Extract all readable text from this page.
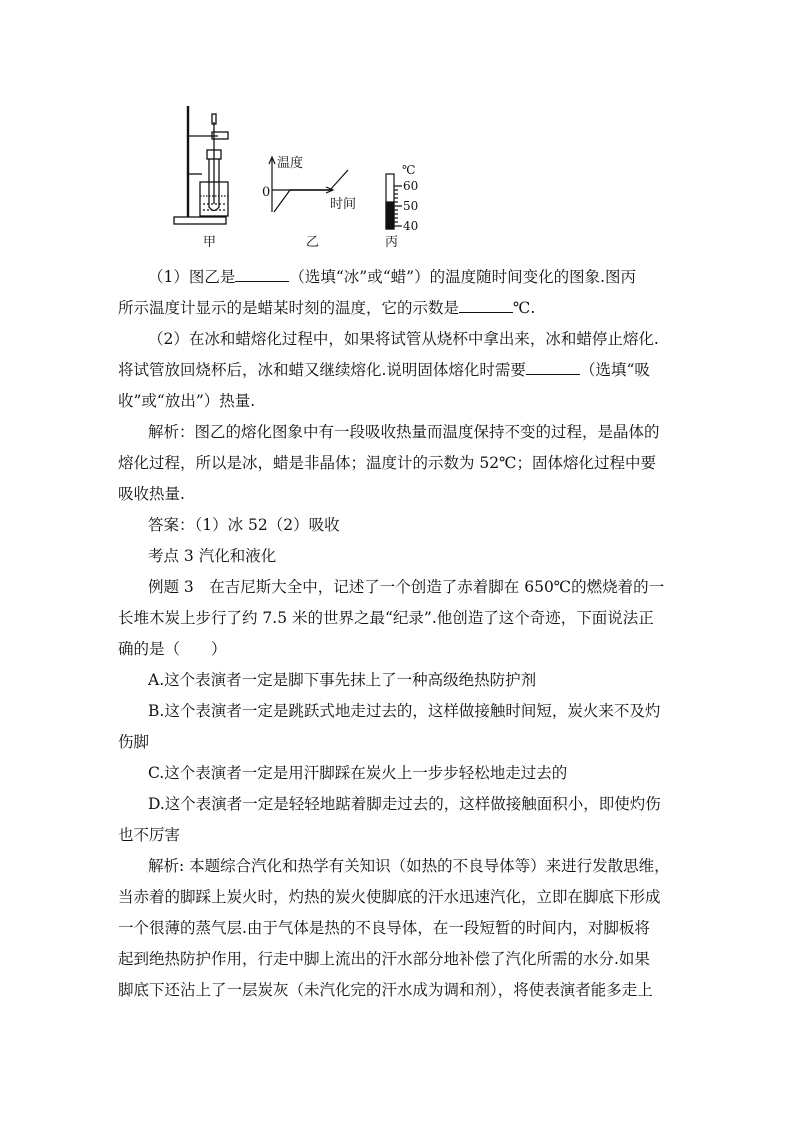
温度
0
时间
℃
60
50
40
甲	乙	丙
（1）图乙是	（选填“冰”或“蜡”）的温度随时间变化的图象.图丙
所示温度计显示的是蜡某时刻的温度，它的示数是	℃.
（2）在冰和蜡熔化过程中，如果将试管从烧杯中拿出来，冰和蜡停止熔化.
将试管放回烧杯后，冰和蜡又继续熔化.说明固体熔化时需要	（选填“吸
收”或“放出”）热量.
解析：图乙的熔化图象中有一段吸收热量而温度保持不变的过程，是晶体的
熔化过程，所以是冰，蜡是非晶体；温度计的示数为 52℃；固体熔化过程中要
吸收热量.
答案：（1）冰 52（2）吸收
考点 3 汽化和液化
例题 3　在吉尼斯大全中，记述了一个创造了赤着脚在 650℃的燃烧着的一
长堆木炭上步行了约 7.5 米的世界之最“纪录”.他创造了这个奇迹，下面说法正
确的是（　　）
A.这个表演者一定是脚下事先抹上了一种高级绝热防护剂
B.这个表演者一定是跳跃式地走过去的，这样做接触时间短，炭火来不及灼
伤脚
C.这个表演者一定是用汗脚踩在炭火上一步步轻松地走过去的
D.这个表演者一定是轻轻地踮着脚走过去的，这样做接触面积小，即使灼伤
也不厉害
解析: 本题综合汽化和热学有关知识（如热的不良导体等）来进行发散思维，
当赤着的脚踩上炭火时，灼热的炭火使脚底的汗水迅速汽化，立即在脚底下形成
一个很薄的蒸气层.由于气体是热的不良导体，在一段短暂的时间内，对脚板将
起到绝热防护作用，行走中脚上流出的汗水部分地补偿了汽化所需的水分.如果
脚底下还沾上了一层炭灰（未汽化完的汗水成为调和剂），将使表演者能多走上
